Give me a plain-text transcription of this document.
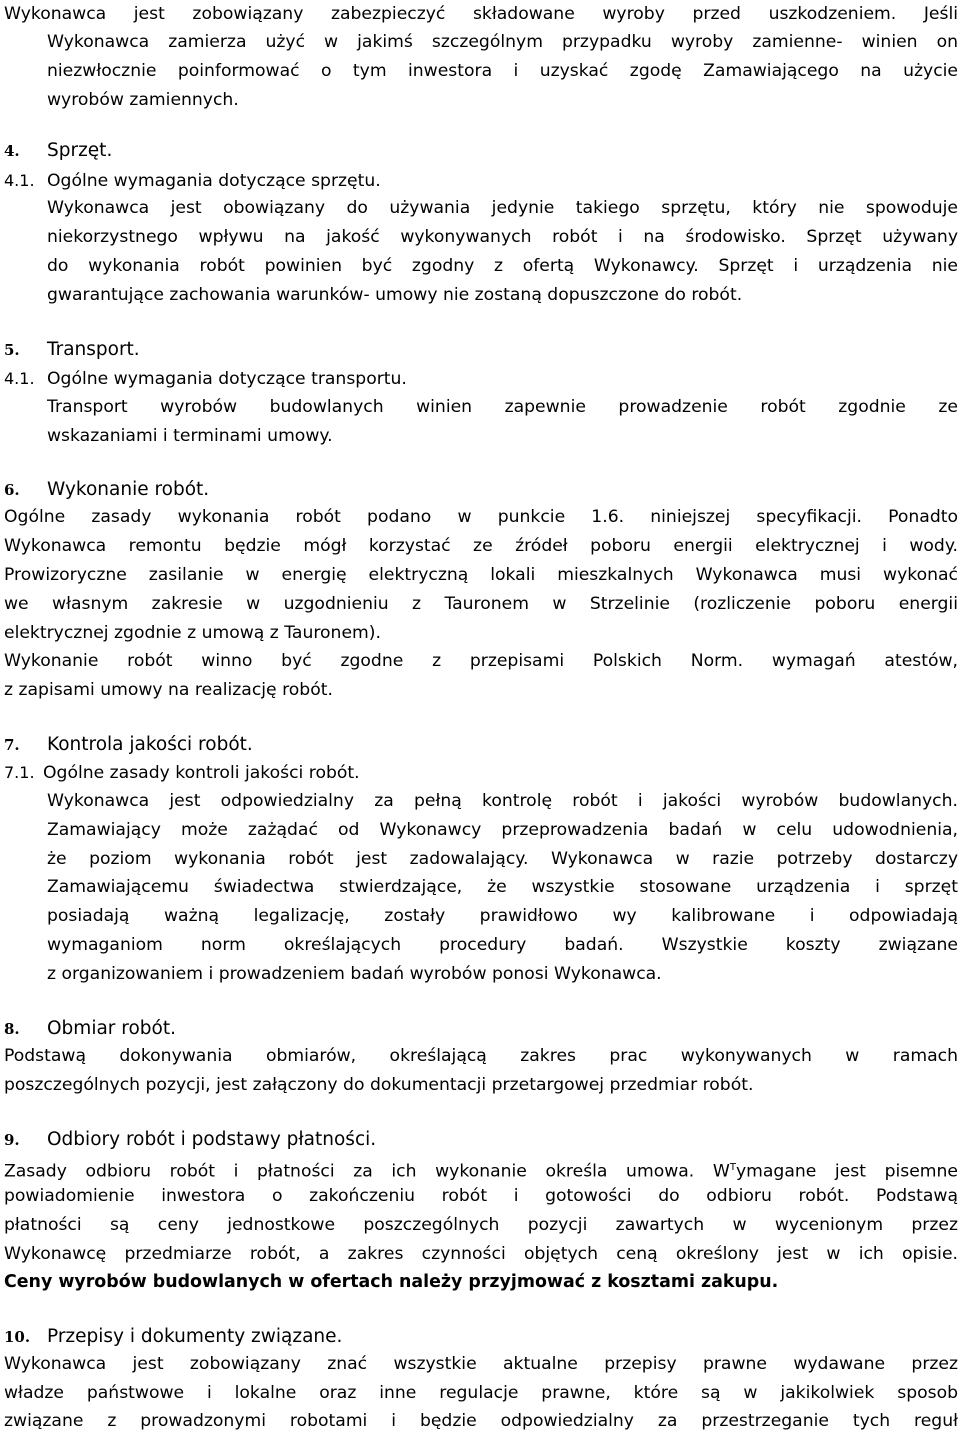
Wykonawca jest zobowiązany zabezpieczyć składowane wyroby przed uszkodzeniem. Jeśli
Wykonawca zamierza użyć w jakimś szczególnym przypadku wyroby zamienne- winien on
niezwłocznie poinformować o tym inwestora i uzyskać zgodę Zamawiającego na użycie
wyrobów zamiennych.
4. Sprzęt.
4.1. Ogólne wymagania dotyczące sprzętu.
Wykonawca jest obowiązany do używania jedynie takiego sprzętu, który nie spowoduje
niekorzystnego wpływu na jakość wykonywanych robót i na środowisko. Sprzęt używany
do wykonania robót powinien być zgodny z ofertą Wykonawcy. Sprzęt i urządzenia nie
gwarantujące zachowania warunków- umowy nie zostaną dopuszczone do robót.
5. Transport.
4.1. Ogólne wymagania dotyczące transportu.
Transport wyrobów budowlanych winien zapewnie prowadzenie robót zgodnie ze
wskazaniami i terminami umowy.
6. Wykonanie robót.
Ogólne zasady wykonania robót podano w punkcie 1.6. niniejszej specyfikacji. Ponadto
Wykonawca remontu będzie mógł korzystać ze źródeł poboru energii elektrycznej i wody.
Prowizoryczne zasilanie w energię elektryczną lokali mieszkalnych Wykonawca musi wykonać
we własnym zakresie w uzgodnieniu z Tauronem w Strzelinie (rozliczenie poboru energii
elektrycznej zgodnie z umową z Tauronem).
Wykonanie robót winno być zgodne z przepisami Polskich Norm. wymagań atestów,
z zapisami umowy na realizację robót.
7. Kontrola jakości robót.
7.1. Ogólne zasady kontroli jakości robót.
Wykonawca jest odpowiedzialny za pełną kontrolę robót i jakości wyrobów budowlanych.
Zamawiający może zażądać od Wykonawcy przeprowadzenia badań w celu udowodnienia,
że poziom wykonania robót jest zadowalający. Wykonawca w razie potrzeby dostarczy
Zamawiającemu świadectwa stwierdzające, że wszystkie stosowane urządzenia i sprzęt
posiadają ważną legalizację, zostały prawidłowo wy kalibrowane i odpowiadają
wymaganiom norm określających procedury badań. Wszystkie koszty związane
z organizowaniem i prowadzeniem badań wyrobów ponosi Wykonawca.
8. Obmiar robót.
Podstawą dokonywania obmiarów, określającą zakres prac wykonywanych w ramach
poszczególnych pozycji, jest załączony do dokumentacji przetargowej przedmiar robót.
9. Odbiory robót i podstawy płatności.
Zasady odbioru robót i płatności za ich wykonanie określa umowa. $W^Tymagane$ jest pisemne
powiadomienie inwestora o zakończeniu robót i gotowości do odbioru robót. Podstawą
płatności są ceny jednostkowe poszczególnych pozycji zawartych w wycenionym przez
Wykonawcę przedmiarze robót, a zakres czynności objętych ceną określony jest w ich opisie.
Ceny wyrobów budowlanych w ofertach należy przyjmować z kosztami zakupu.
10. Przepisy i dokumenty związane.
Wykonawca jest zobowiązany znać wszystkie aktualne przepisy prawne wydawane przez
władze państwowe i lokalne oraz inne regulacje prawne, które są w jakikolwiek sposob
związane z prowadzonymi robotami i będzie odpowiedzialny za przestrzeganie tych reguł
